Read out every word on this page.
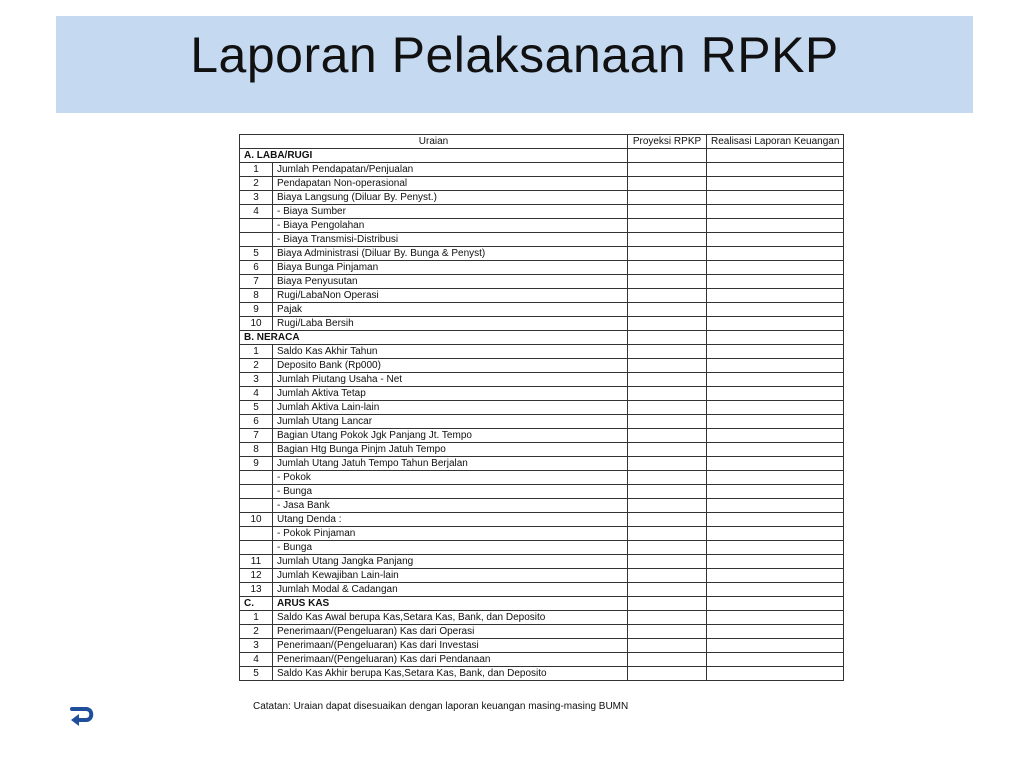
Laporan Pelaksanaan RPKP
Uraian		Proyeksi RPKP	Realisasi Laporan Keuangan
A. LABA/RUGI			
1	Jumlah Pendapatan/Penjualan		
2	Pendapatan Non-operasional		
3	Biaya Langsung (Diluar By. Penyst.)		
4	- Biaya Sumber		
	- Biaya Pengolahan		
	- Biaya Transmisi-Distribusi		
5	Biaya Administrasi (Diluar By. Bunga & Penyst)		
6	Biaya Bunga Pinjaman		
7	Biaya Penyusutan		
8	Rugi/LabaNon Operasi		
9	Pajak		
10	Rugi/Laba Bersih		
B. NERACA			
1	Saldo Kas Akhir Tahun		
2	Deposito Bank (Rp000)		
3	Jumlah Piutang Usaha - Net		
4	Jumlah Aktiva Tetap		
5	Jumlah Aktiva Lain-lain		
6	Jumlah Utang Lancar		
7	Bagian Utang Pokok Jgk Panjang Jt. Tempo		
8	Bagian Htg Bunga Pinjm Jatuh Tempo		
9	Jumlah Utang Jatuh Tempo Tahun Berjalan		
	- Pokok		
	- Bunga		
	- Jasa Bank		
10	Utang Denda :		
	- Pokok Pinjaman		
	- Bunga		
11	Jumlah Utang Jangka Panjang		
12	Jumlah Kewajiban Lain-lain		
13	Jumlah Modal & Cadangan		
C.	ARUS KAS		
1	Saldo Kas Awal berupa Kas,Setara Kas, Bank, dan Deposito		
2	Penerimaan/(Pengeluaran) Kas dari Operasi		
3	Penerimaan/(Pengeluaran) Kas dari Investasi		
4	Penerimaan/(Pengeluaran) Kas dari Pendanaan		
5	Saldo Kas Akhir berupa Kas,Setara Kas, Bank, dan Deposito		
Catatan: Uraian dapat disesuaikan dengan laporan keuangan masing-masing BUMN
